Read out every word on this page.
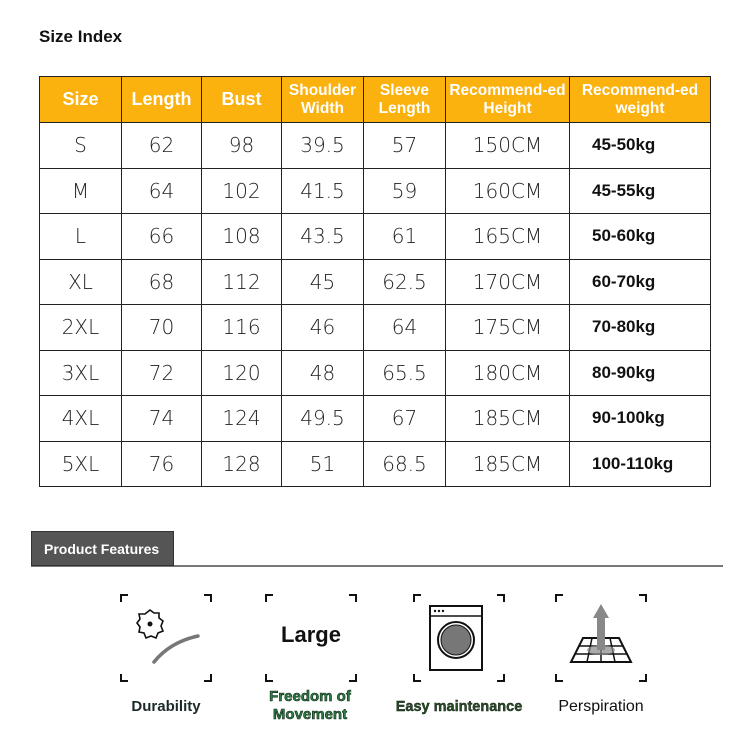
Size Index
Size	Length	Bust	Shoulder Width	Sleeve Length	Recommend-ed Height	Recommend-ed weight
S	62	98	39.5	57	150CM	45-50kg
M	64	102	41.5	59	160CM	45-55kg
L	66	108	43.5	61	165CM	50-60kg
XL	68	112	45	62.5	170CM	60-70kg
2XL	70	116	46	64	175CM	70-80kg
3XL	72	120	48	65.5	180CM	80-90kg
4XL	74	124	49.5	67	185CM	90-100kg
5XL	76	128	51	68.5	185CM	100-110kg
Product Features
Durability
Large
Freedom of Movement	Easy maintenance	Perspiration
